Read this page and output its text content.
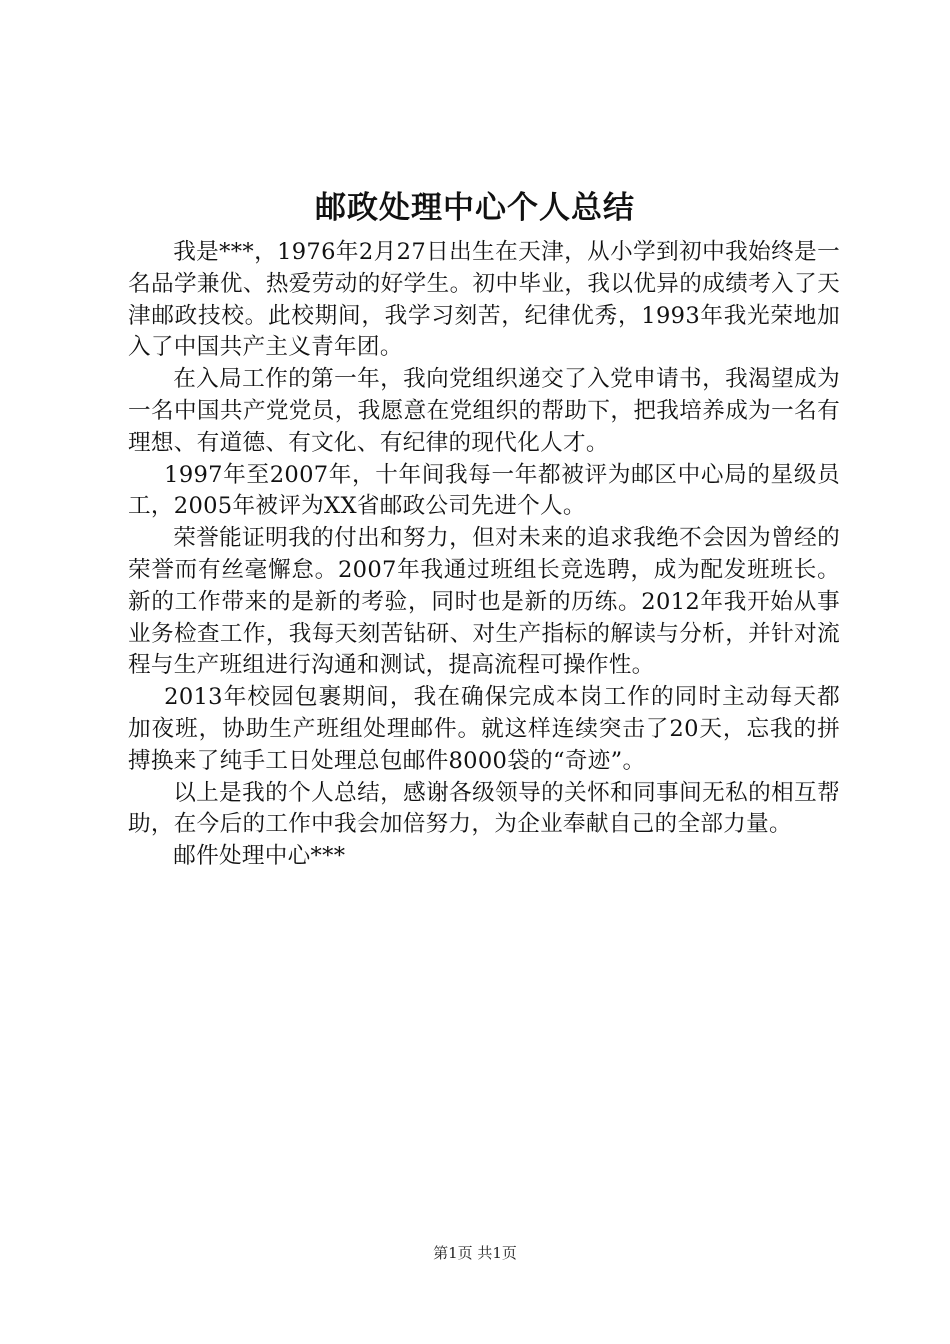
邮政处理中心个人总结

我是***，1976年2月27日出生在天津，从小学到初中我始终是一名品学兼优、热爱劳动的好学生。初中毕业，我以优异的成绩考入了天津邮政技校。此校期间，我学习刻苦，纪律优秀，1993年我光荣地加入了中国共产主义青年团。

在入局工作的第一年，我向党组织递交了入党申请书，我渴望成为一名中国共产党党员，我愿意在党组织的帮助下，把我培养成为一名有理想、有道德、有文化、有纪律的现代化人才。

1997年至2007年，十年间我每一年都被评为邮区中心局的星级员工，2005年被评为XX省邮政公司先进个人。

荣誉能证明我的付出和努力，但对未来的追求我绝不会因为曾经的荣誉而有丝毫懈怠。2007年我通过班组长竞选聘，成为配发班班长。新的工作带来的是新的考验，同时也是新的历练。2012年我开始从事业务检查工作，我每天刻苦钻研、对生产指标的解读与分析，并针对流程与生产班组进行沟通和测试，提高流程可操作性。

2013年校园包裹期间，我在确保完成本岗工作的同时主动每天都加夜班，协助生产班组处理邮件。就这样连续突击了20天，忘我的拼搏换来了纯手工日处理总包邮件8000袋的“奇迹”。

以上是我的个人总结，感谢各级领导的关怀和同事间无私的相互帮助，在今后的工作中我会加倍努力，为企业奉献自己的全部力量。

邮件处理中心***

第1页 共1页
